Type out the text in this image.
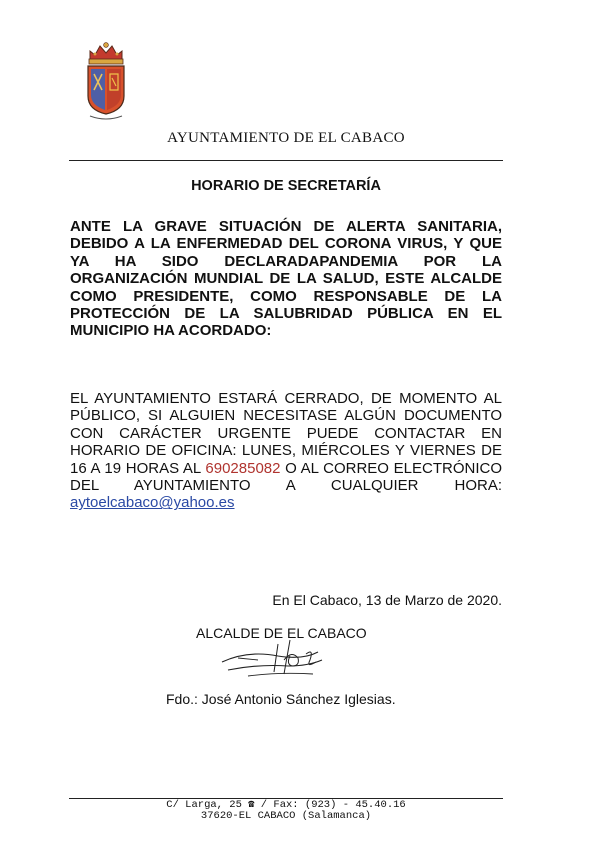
AYUNTAMIENTO DE EL CABACO
HORARIO DE SECRETARÍA
ANTE LA GRAVE SITUACIÓN DE ALERTA SANITARIA, DEBIDO A LA ENFERMEDAD DEL CORONA VIRUS, Y QUE YA HA SIDO DECLARADAPANDEMIA POR LA ORGANIZACIÓN MUNDIAL DE LA SALUD, ESTE ALCALDE COMO PRESIDENTE, COMO RESPONSABLE DE LA PROTECCIÓN DE LA SALUBRIDAD PÚBLICA EN EL MUNICIPIO HA ACORDADO:
EL AYUNTAMIENTO ESTARÁ CERRADO, DE MOMENTO AL PÚBLICO, SI ALGUIEN NECESITASE ALGÚN DOCUMENTO CON CARÁCTER URGENTE PUEDE CONTACTAR EN HORARIO DE OFICINA: LUNES, MIÉRCOLES Y VIERNES DE 16 A 19 HORAS AL 690285082 O AL CORREO ELECTRÓNICO DEL AYUNTAMIENTO A CUALQUIER HORA: aytoelcabaco@yahoo.es
En El Cabaco, 13 de Marzo de 2020.
ALCALDE DE EL CABACO
Fdo.: José Antonio Sánchez Iglesias.
C/ Larga, 25 ☎ / Fax: (923) - 45.40.16
37620-EL CABACO (Salamanca)
